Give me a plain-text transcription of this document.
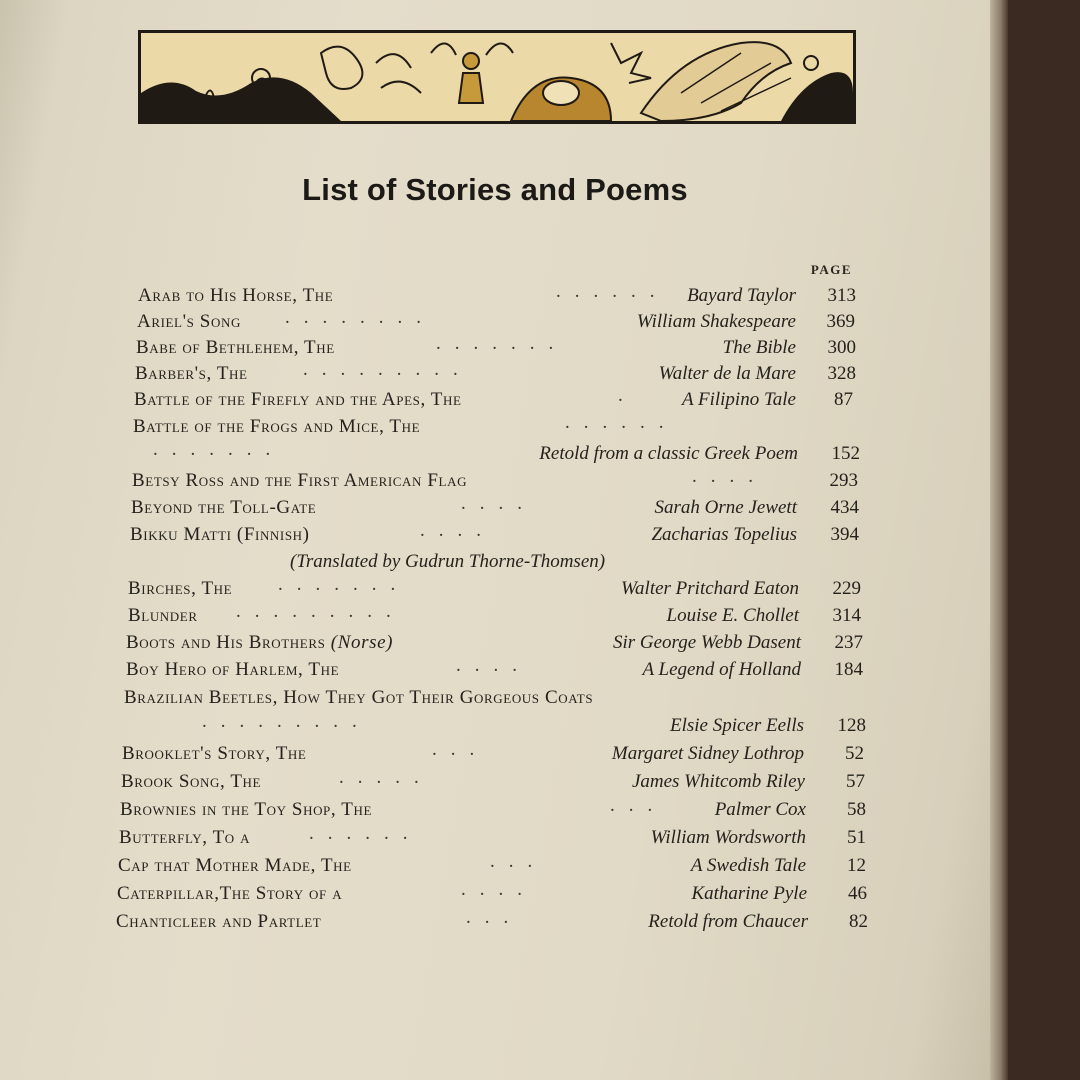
List of Stories and Poems
PAGE
Arab to His Horse, The	...... Bayard Taylor	313
Ariel's Song ........	William Shakespeare	369
Babe of Bethlehem, The	.......	The Bible	300
Barber's, The	.........	Walter de la Mare	328
Battle of the Firefly and the Apes, The	. A Filipino Tale	87
Battle of the Frogs and Mice, The	......
.......	Retold from a classic Greek Poem	152
Betsy Ross and the First American Flag	....	293
Beyond the Toll-Gate	....	Sarah Orne Jewett	434
Bikku Matti (Finnish)	....	Zacharias Topelius	394
(Translated by Gudrun Thorne-Thomsen)
Birches, The .......	Walter Pritchard Eaton	229
Blunder .........	Louise E. Chollet	314
Boots and His Brothers (Norse)	Sir George Webb Dasent	237
Boy Hero of Harlem, The	....	A Legend of Holland	184
Brazilian Beetles, How They Got Their Gorgeous Coats
.........	Elsie Spicer Eells	128
Brooklet's Story, The	...	Margaret Sidney Lothrop	52
Brook Song, The	.....	James Whitcomb Riley	57
Brownies in the Toy Shop, The	...	Palmer Cox	58
Butterfly, To a	......	William Wordsworth	51
Cap that Mother Made, The	...	A Swedish Tale	12
Caterpillar,The Story of a	....	Katharine Pyle	46
Chanticleer and Partlet	...	Retold from Chaucer	82
